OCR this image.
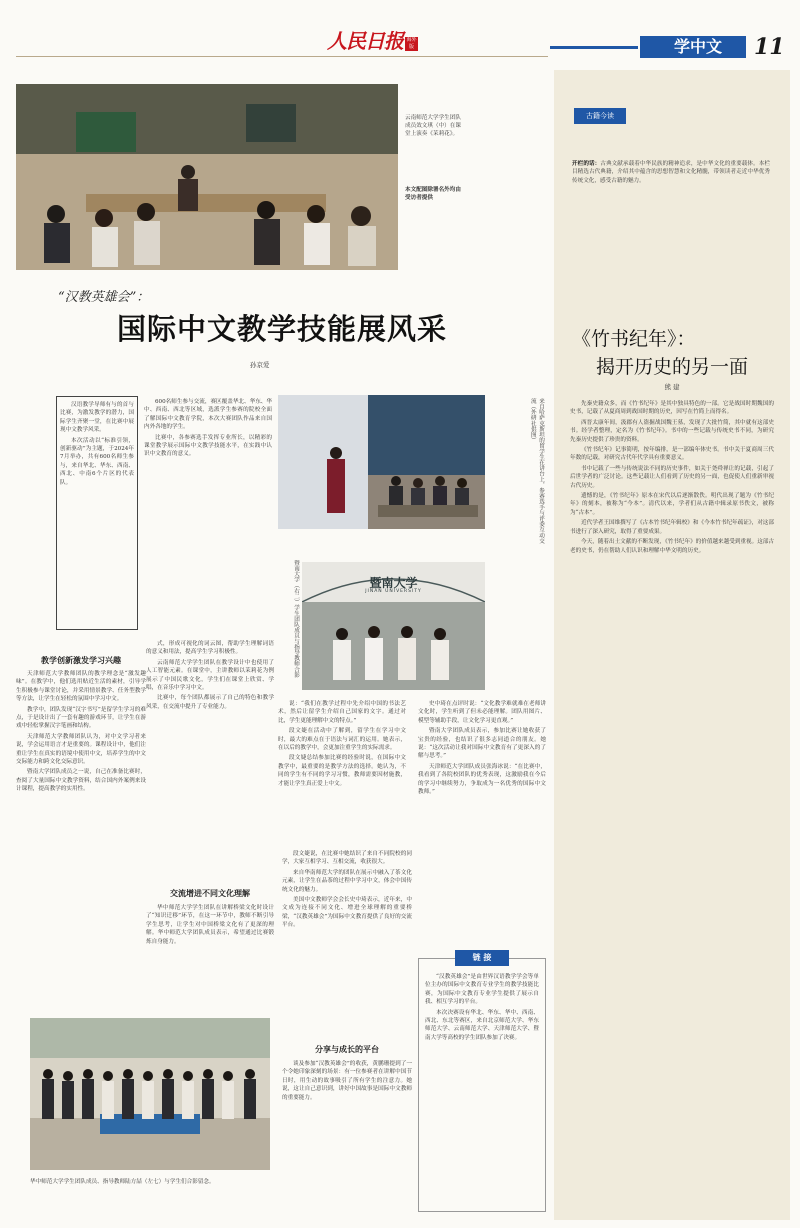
人民日报 海外
版	学中文	11
云南师范大学学生团队成员效文琪（中）在课堂上演奏《茉莉花》。
本文配图除署名外均由受访者提供
“汉教英雄会”：
国际中文教学技能展风采
孙京爱

汉语教学导师有与的首与比赛，为激发教学的潜力，国际学生齐聚一堂，在比赛中展现中文教学风采。

本次活动以“标准引领，创新驱动”为主题，于2024年7月举办，共有600名师生参与，来自华北、华东、西南、西北、中南6个片区的代表队。

600名师生参与交流，赛区覆盖华北、华东、华中、西南、西北等区域，选派学生参赛的院校全面了解国际中文教育学院，本次大赛团队作品来自国内外各地的学生。

比赛中，各参赛选手发挥专业所长，以精彩的课堂教学展示国际中文教学技能水平，在实践中认识中文教育的意义。	来自哈萨克斯坦的留学生在讲台上，参赛选手与评委互动交流（外研社供图）
暨南大学
JINAN UNIVERSITY
暨南大学（右二）学生团队成员与指导教师合影
教学创新激发学习兴趣

天津师范大学教师团队的教学理念是“激发趣味”。在教学中，他们选用贴近生活的素材，引导学生积极参与课堂讨论，并采用情景教学、任务型教学等方法，让学生在轻松的氛围中学习中文。

教学中，团队发现“汉字书写”是留学生学习的难点，于是设计出了一套有趣的游戏环节，让学生在游戏中轻松掌握汉字笔画和结构。

天津师范大学教师团队认为，对中文学习者来说，学会运用语言才是重要的。课程设计中，他们注重让学生在真实的语境中使用中文，培养学生的中文交际能力和跨文化交际意识。

暨南大学团队成员之一说，自己在准备比赛时，查阅了大量国际中文教学资料，结合国内外案例来设计课程，提高教学的实用性。

式，形成可视化的词云图，帮助学生理解词语的意义和用法，提高学生学习积极性。

云南师范大学学生团队在教学设计中也使用了人工智能元素。在课堂中，主讲教师以茉莉花为例展示了中国民歌文化，学生们在课堂上欣赏、学唱，在音乐中学习中文。

比赛中，每个团队都展示了自己的特色和教学风采，在交流中提升了专业能力。

交流增进不同文化理解

华中师范大学学生团队在讲解桥梁文化时设计了“知识迁移”环节，在这一环节中，教师不断引导学生思考，让学生对中国桥梁文化有了更深的理解。华中师范大学团队成员表示，希望通过比赛锻炼自身能力。

说：“我们在教学过程中先介绍中国的书法艺术，然后让留学生介绍自己国家的文字。通过对比，学生更能理解中文的特点。”

段文婕在活动中了解到，留学生在学习中文时，最大的难点在于语法与词汇的运用。她表示，在以后的教学中，会更加注重学生的实际需求。

段文婕总结参加比赛的经验时说，在国际中文教学中，最重要的是教学方法的选择。她认为，不同的学生有不同的学习习惯，教师需要因材施教，才能让学生真正爱上中文。

段文婕说，在比赛中她结识了来自不同院校的同学，大家互相学习、互相交流，收获很大。

来自华南师范大学的团队在展示中融入了茶文化元素，让学生在品茶的过程中学习中文，体会中国传统文化的魅力。

美国中文教师学会会长史中琦表示，近年来，中文成为连接不同文化、增进全球理解的重要桥梁，“汉教英雄会”为国际中文教育提供了良好的交流平台。

分享与成长的平台

谈及参加“汉教英雄会”的收获，黄鹏珊提到了一个令她印象深刻的场景：有一位参赛者在讲解中国节日时，用生动的故事吸引了所有学生的注意力。她说，这让自己意识到，讲好中国故事是国际中文教师的重要能力。

史中琦在点评时说：“文化教学难就难在老师讲文化时，学生听到了但未必能理解。团队用图片、模型等辅助手段，让文化学习更直观。”

暨南大学团队成员表示，参加比赛让她收获了宝贵的经验，也结识了很多志同道合的朋友。她说：“这次活动让我对国际中文教育有了更深入的了解与思考。”

天津师范大学团队成员张海冰说：“在比赛中，我看到了各院校团队的优秀表现，这激励我在今后的学习中继续努力，争取成为一名优秀的国际中文教师。”

链 接

“汉教英雄会”是由世界汉语教学学会等单位主办的国际中文教育专业学生的教学技能比赛，为国际中文教育专业学生提供了展示自我、相互学习的平台。

本次决赛设有华北、华东、华中、西南、西北、东北等赛区，来自北京师范大学、华东师范大学、云南师范大学、天津师范大学、暨南大学等高校的学生团队参加了决赛。

华中师范大学学生团队成员、指导教师陆方喆（左七）与学生们合影留念。
古籍今读

开栏的话：古典文献承载着中华民族的精神追求，是中华文化的重要载体。本栏目精选古代典籍，介绍其中蕴含的思想智慧和文化精髓，带领读者走近中华优秀传统文化，感受古籍的魅力。

《竹书纪年》：
揭开历史的另一面
熊 建

先秦史籍众多，而《竹书纪年》是其中独具特色的一部。它是战国时期魏国的史书，记载了从夏商周到战国时期的历史，因写在竹简上而得名。

西晋太康年间，汲郡有人盗掘战国魏王墓，发现了大批竹简，其中就有这部史书。经学者整理，定名为《竹书纪年》。书中的一些记载与传统史书不同，为研究先秦历史提供了珍贵的资料。

《竹书纪年》记事简明，按年编排，是一部编年体史书。书中关于夏商周三代年数的记载，对研究古代年代学具有重要意义。

书中记载了一些与传统说法不同的历史事件，如关于尧舜禅让的记载，引起了后世学者的广泛讨论。这些记载让人们看到了历史的另一面，也促使人们重新审视古代历史。

遗憾的是，《竹书纪年》原本在宋代以后逐渐散佚。明代出现了题为《竹书纪年》的刻本，被称为“今本”。清代以来，学者们从古籍中辑录原书佚文，被称为“古本”。

近代学者王国维撰写了《古本竹书纪年辑校》和《今本竹书纪年疏证》，对这部书进行了深入研究，取得了重要成果。

今天，随着出土文献的不断发现，《竹书纪年》的价值越来越受到重视。这部古老的史书，仍在帮助人们认识和理解中华文明的历史。
